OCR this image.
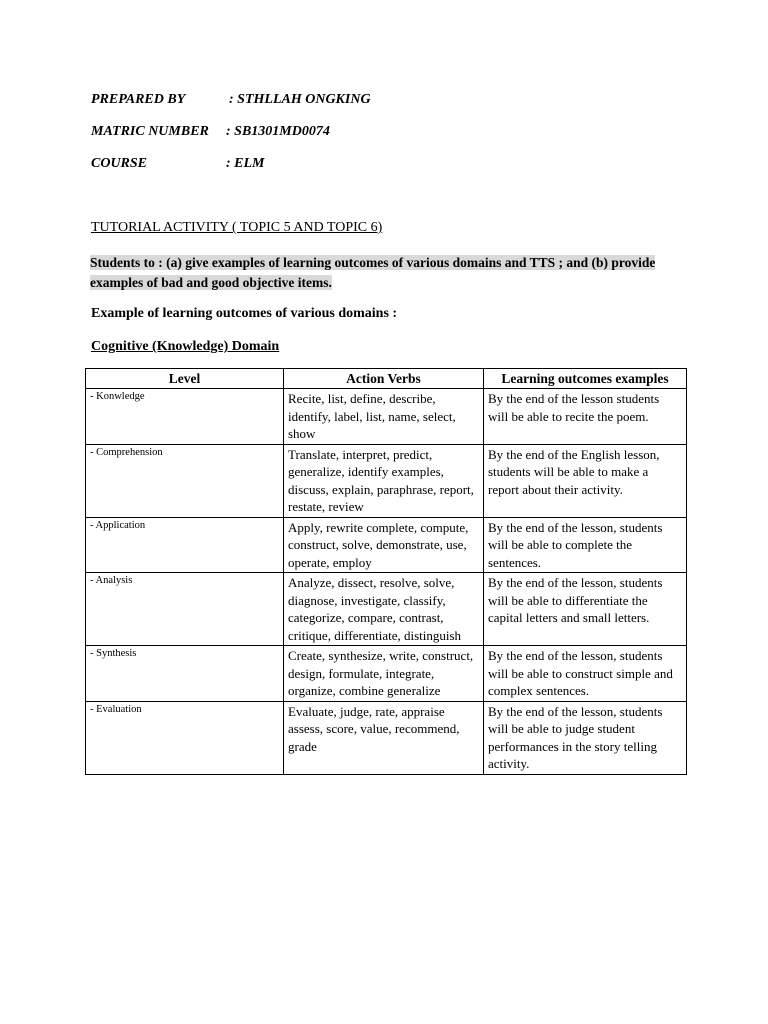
PREPARED BY	: STHLLAH ONGKING
MATRIC NUMBER : SB1301MD0074
COURSE	: ELM
TUTORIAL ACTIVITY ( TOPIC 5 AND TOPIC 6)
Students to : (a) give examples of learning outcomes of various domains and TTS ; and (b) provide examples of bad and good objective items.
Example of learning outcomes of various domains :
Cognitive (Knowledge) Domain
Level	Action Verbs	Learning outcomes examples
- Konwledge	Recite, list, define, describe, identify, label, list, name, select, show	By the end of the lesson students will be able to recite the poem.
- Comprehension	Translate, interpret, predict, generalize, identify examples, discuss, explain, paraphrase, report, restate, review	By the end of the English lesson, students will be able to make a report about their activity.
- Application	Apply, rewrite complete, compute, construct, solve, demonstrate, use, operate, employ	By the end of the lesson, students will be able to complete the sentences.
- Analysis	Analyze, dissect, resolve, solve, diagnose, investigate, classify, categorize, compare, contrast, critique, differentiate, distinguish	By the end of the lesson, students will be able to differentiate the capital letters and small letters.
- Synthesis	Create, synthesize, write, construct, design, formulate, integrate, organize, combine generalize	By the end of the lesson, students will be able to construct simple and complex sentences.
- Evaluation	Evaluate, judge, rate, appraise assess, score, value, recommend, grade	By the end of the lesson, students will be able to judge student performances in the story telling activity.
